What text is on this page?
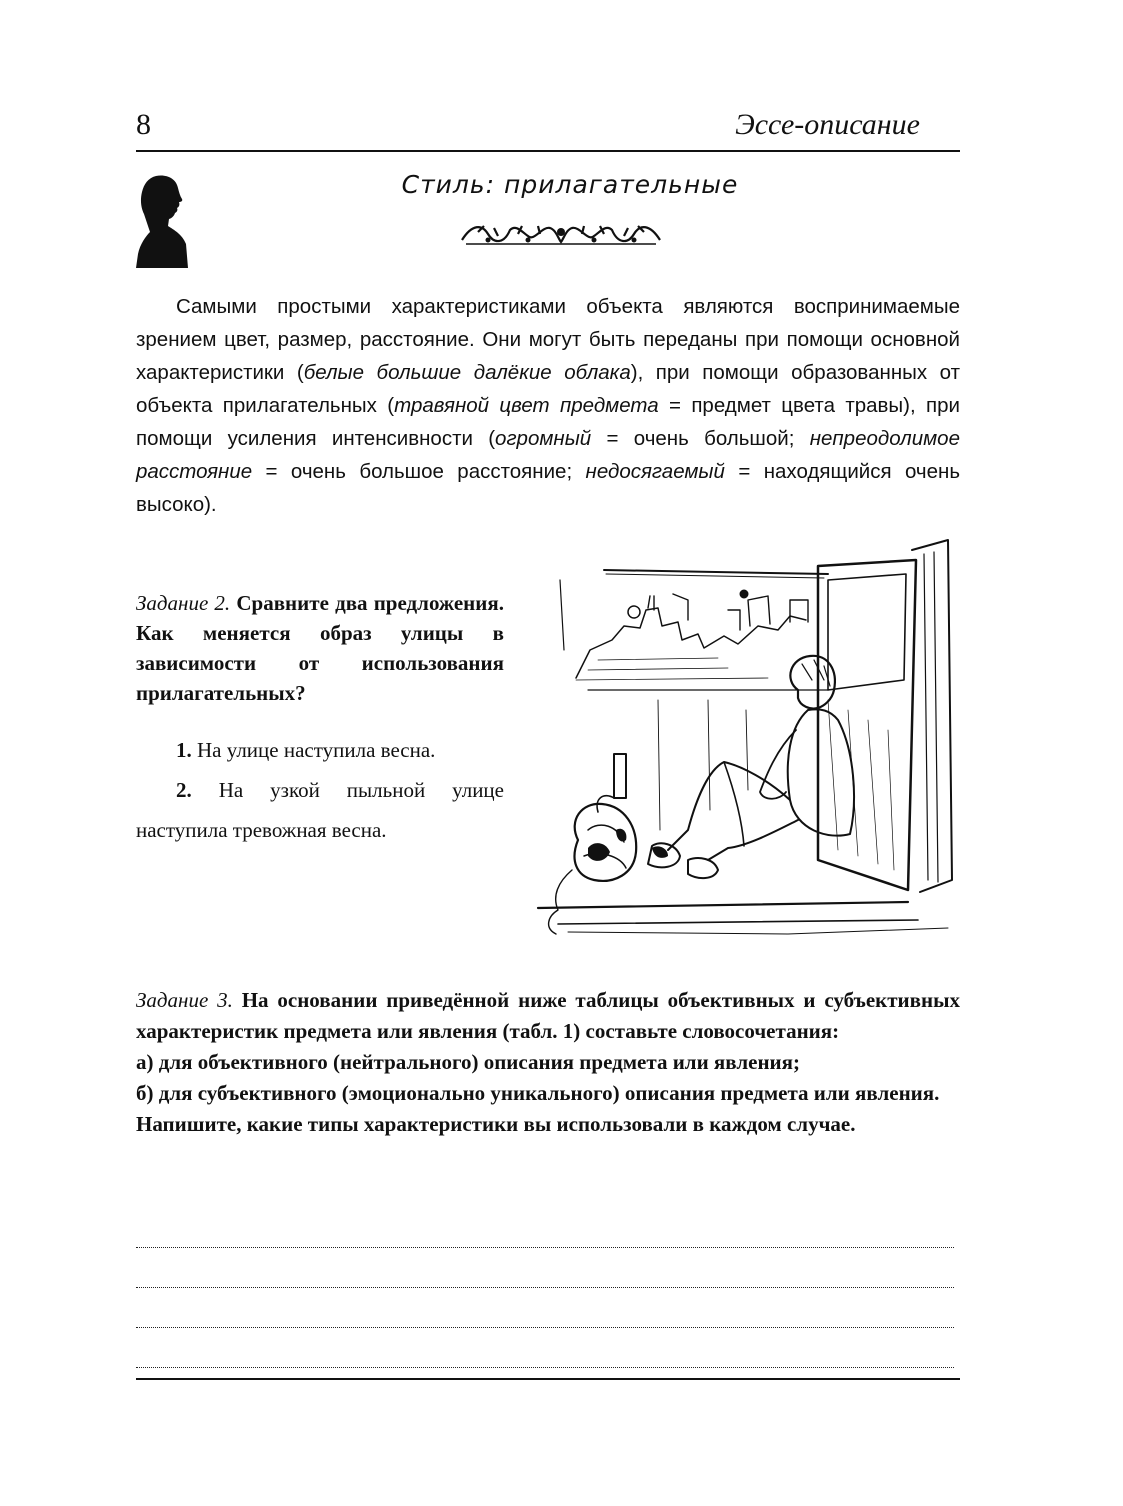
8	Эссе-описание
Стиль: прилагательные

Самыми простыми характеристиками объекта являются воспринимаемые зрением цвет, размер, расстояние. Они могут быть переданы при помощи основной характеристики (белые большие далёкие облака), при помощи образованных от объекта прилагательных (травяной цвет предмета = предмет цвета травы), при помощи усиления интенсивности (огромный = очень большой; непреодолимое расстояние = очень большое расстояние; недосягаемый = находящийся очень высоко).

Задание 2. Сравните два предложения. Как меняется образ улицы в зависимости от использования прилагательных?
1. На улице наступила весна.
2. На узкой пыльной улице наступила тревожная весна.
Задание 3. На основании приведённой ниже таблицы объективных и субъективных характеристик предмета или явления (табл. 1) составьте словосочетания:
а) для объективного (нейтрального) описания предмета или явления;
б) для субъективного (эмоционально уникального) описания предмета или явления.
Напишите, какие типы характеристики вы использовали в каждом случае.
